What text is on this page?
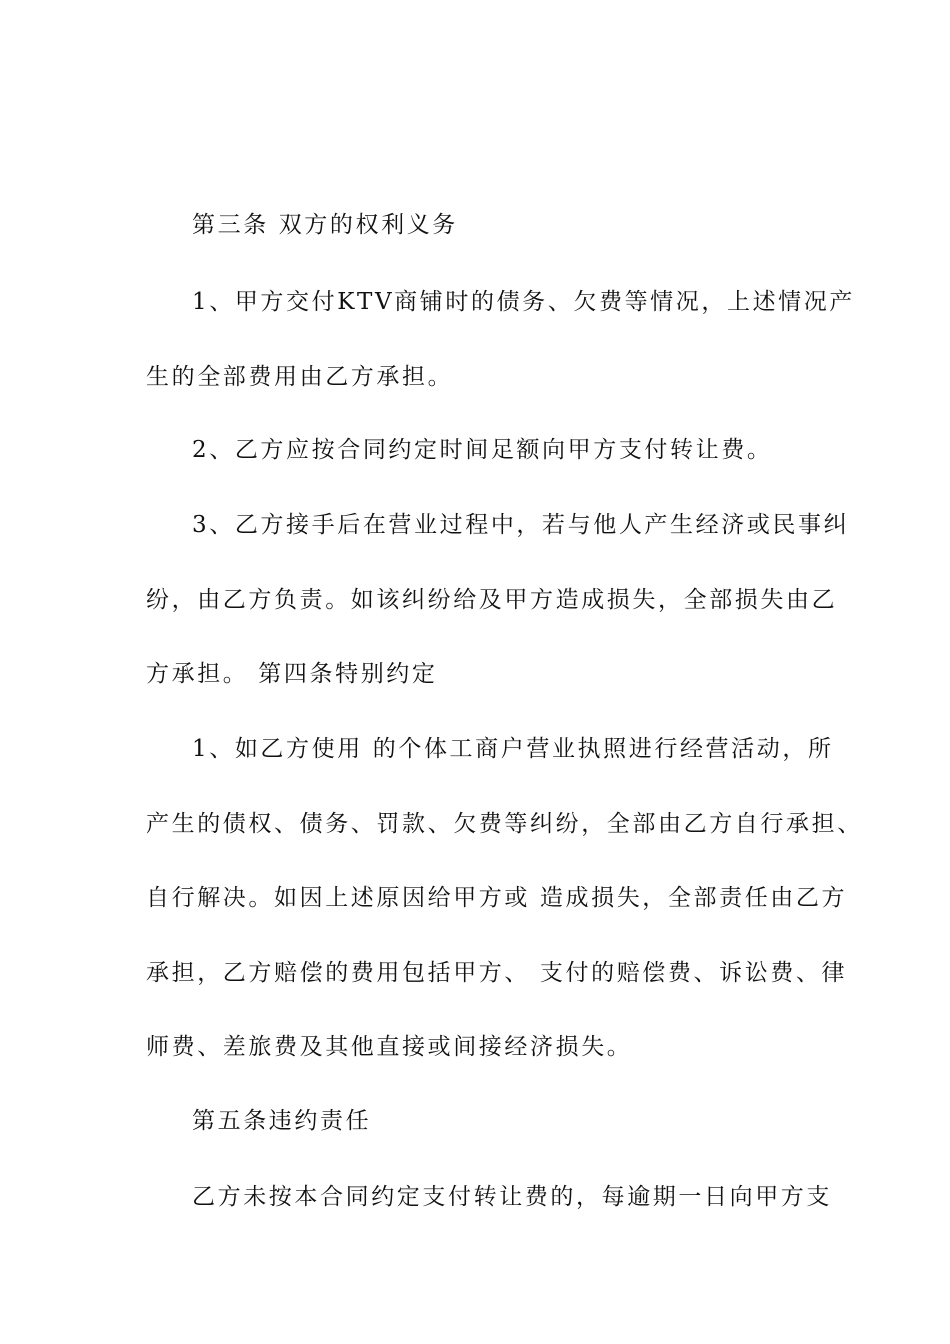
第三条 双方的权利义务
1、甲方交付KTV商铺时的债务、欠费等情况，上述情况产
生的全部费用由乙方承担。
2、乙方应按合同约定时间足额向甲方支付转让费。
3、乙方接手后在营业过程中，若与他人产生经济或民事纠
纷，由乙方负责。如该纠纷给及甲方造成损失，全部损失由乙
方承担。 第四条特别约定
1、如乙方使用 的个体工商户营业执照进行经营活动，所
产生的债权、债务、罚款、欠费等纠纷，全部由乙方自行承担、
自行解决。如因上述原因给甲方或 造成损失，全部责任由乙方
承担，乙方赔偿的费用包括甲方、 支付的赔偿费、诉讼费、律
师费、差旅费及其他直接或间接经济损失。
第五条违约责任
乙方未按本合同约定支付转让费的，每逾期一日向甲方支
